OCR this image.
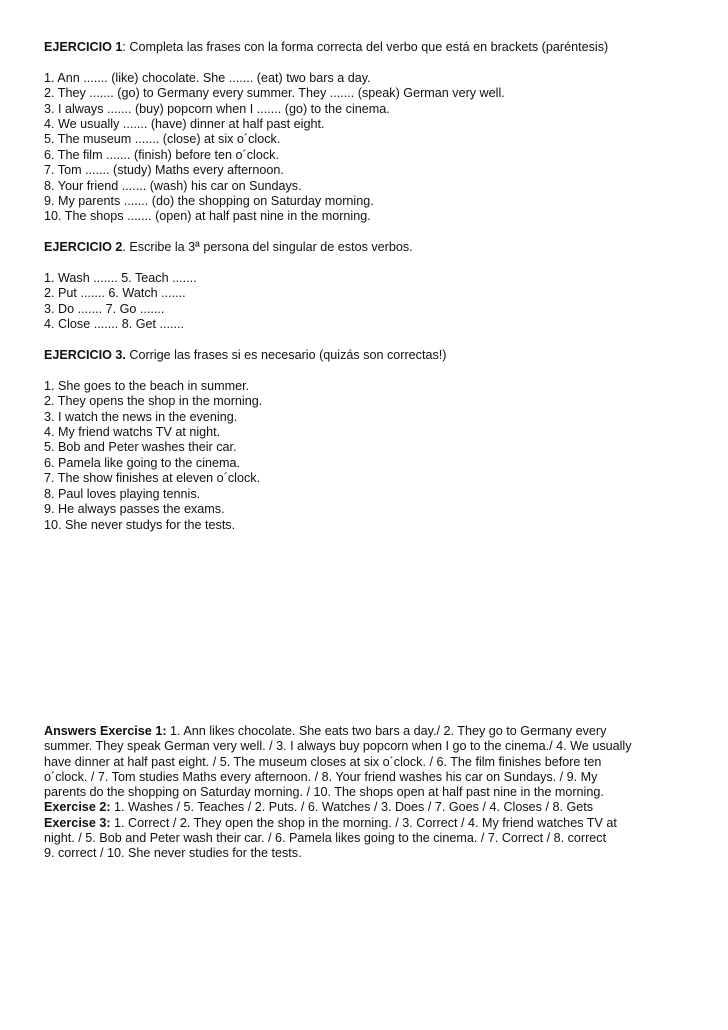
EJERCICIO 1: Completa las frases con la forma correcta del verbo que está en brackets (paréntesis)
1. Ann ....... (like) chocolate. She ....... (eat) two bars a day.
2. They ....... (go) to Germany every summer. They ....... (speak) German very well.
3. I always ....... (buy) popcorn when I ....... (go) to the cinema.
4. We usually ....... (have) dinner at half past eight.
5. The museum ....... (close) at six o´clock.
6. The film ....... (finish) before ten o´clock.
7. Tom ....... (study) Maths every afternoon.
8. Your friend ....... (wash) his car on Sundays.
9. My parents ....... (do) the shopping on Saturday morning.
10. The shops ....... (open) at half past nine in the morning.
EJERCICIO 2. Escribe la 3ª persona del singular de estos verbos.
1. Wash ....... 5. Teach .......
2. Put ....... 6. Watch .......
3. Do ....... 7. Go .......
4. Close ....... 8. Get .......
EJERCICIO 3. Corrige las frases si es necesario (quizás son correctas!)
1. She goes to the beach in summer.
2. They opens the shop in the morning.
3. I watch the news in the evening.
4. My friend watchs TV at night.
5. Bob and Peter washes their car.
6. Pamela like going to the cinema.
7. The show finishes at eleven o´clock.
8. Paul loves playing tennis.
9. He always passes the exams.
10. She never studys for the tests.
Answers Exercise 1: 1. Ann likes chocolate. She eats two bars a day./ 2. They go to Germany every
summer. They speak German very well. / 3. I always buy popcorn when I go to the cinema./ 4. We usually
have dinner at half past eight. / 5. The museum closes at six o´clock. / 6. The film finishes before ten
o´clock. / 7. Tom studies Maths every afternoon. / 8. Your friend washes his car on Sundays. / 9. My
parents do the shopping on Saturday morning. / 10. The shops open at half past nine in the morning.
Exercise 2: 1. Washes / 5. Teaches / 2. Puts. / 6. Watches / 3. Does / 7. Goes / 4. Closes / 8. Gets
Exercise 3: 1. Correct / 2. They open the shop in the morning. / 3. Correct / 4. My friend watches TV at
night. / 5. Bob and Peter wash their car. / 6. Pamela likes going to the cinema. / 7. Correct / 8. correct
9. correct / 10. She never studies for the tests.
